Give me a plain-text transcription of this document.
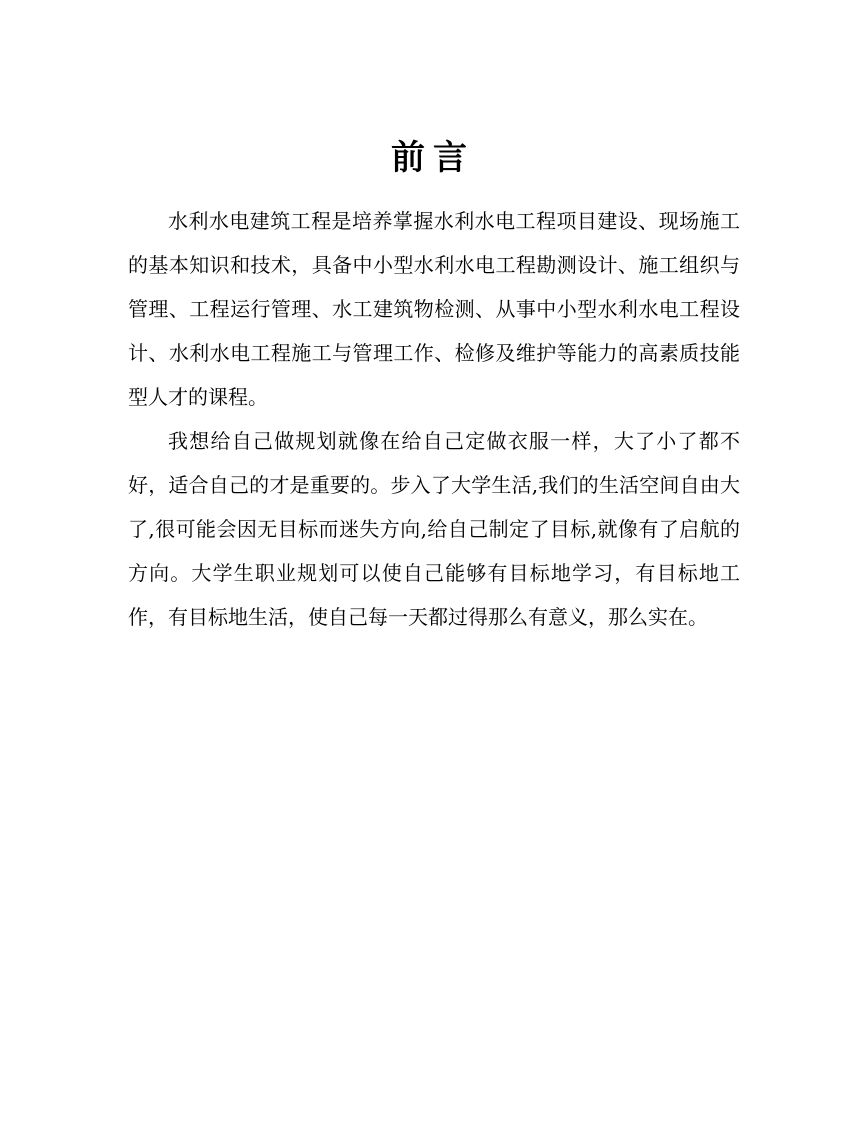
前言

水利水电建筑工程是培养掌握水利水电工程项目建设、现场施工的基本知识和技术，具备中小型水利水电工程勘测设计、施工组织与管理、工程运行管理、水工建筑物检测、从事中小型水利水电工程设计、水利水电工程施工与管理工作、检修及维护等能力的高素质技能型人才的课程。

我想给自己做规划就像在给自己定做衣服一样，大了小了都不好，适合自己的才是重要的。步入了大学生活,我们的生活空间自由大了,很可能会因无目标而迷失方向,给自己制定了目标,就像有了启航的方向。大学生职业规划可以使自己能够有目标地学习，有目标地工作，有目标地生活，使自己每一天都过得那么有意义，那么实在。
